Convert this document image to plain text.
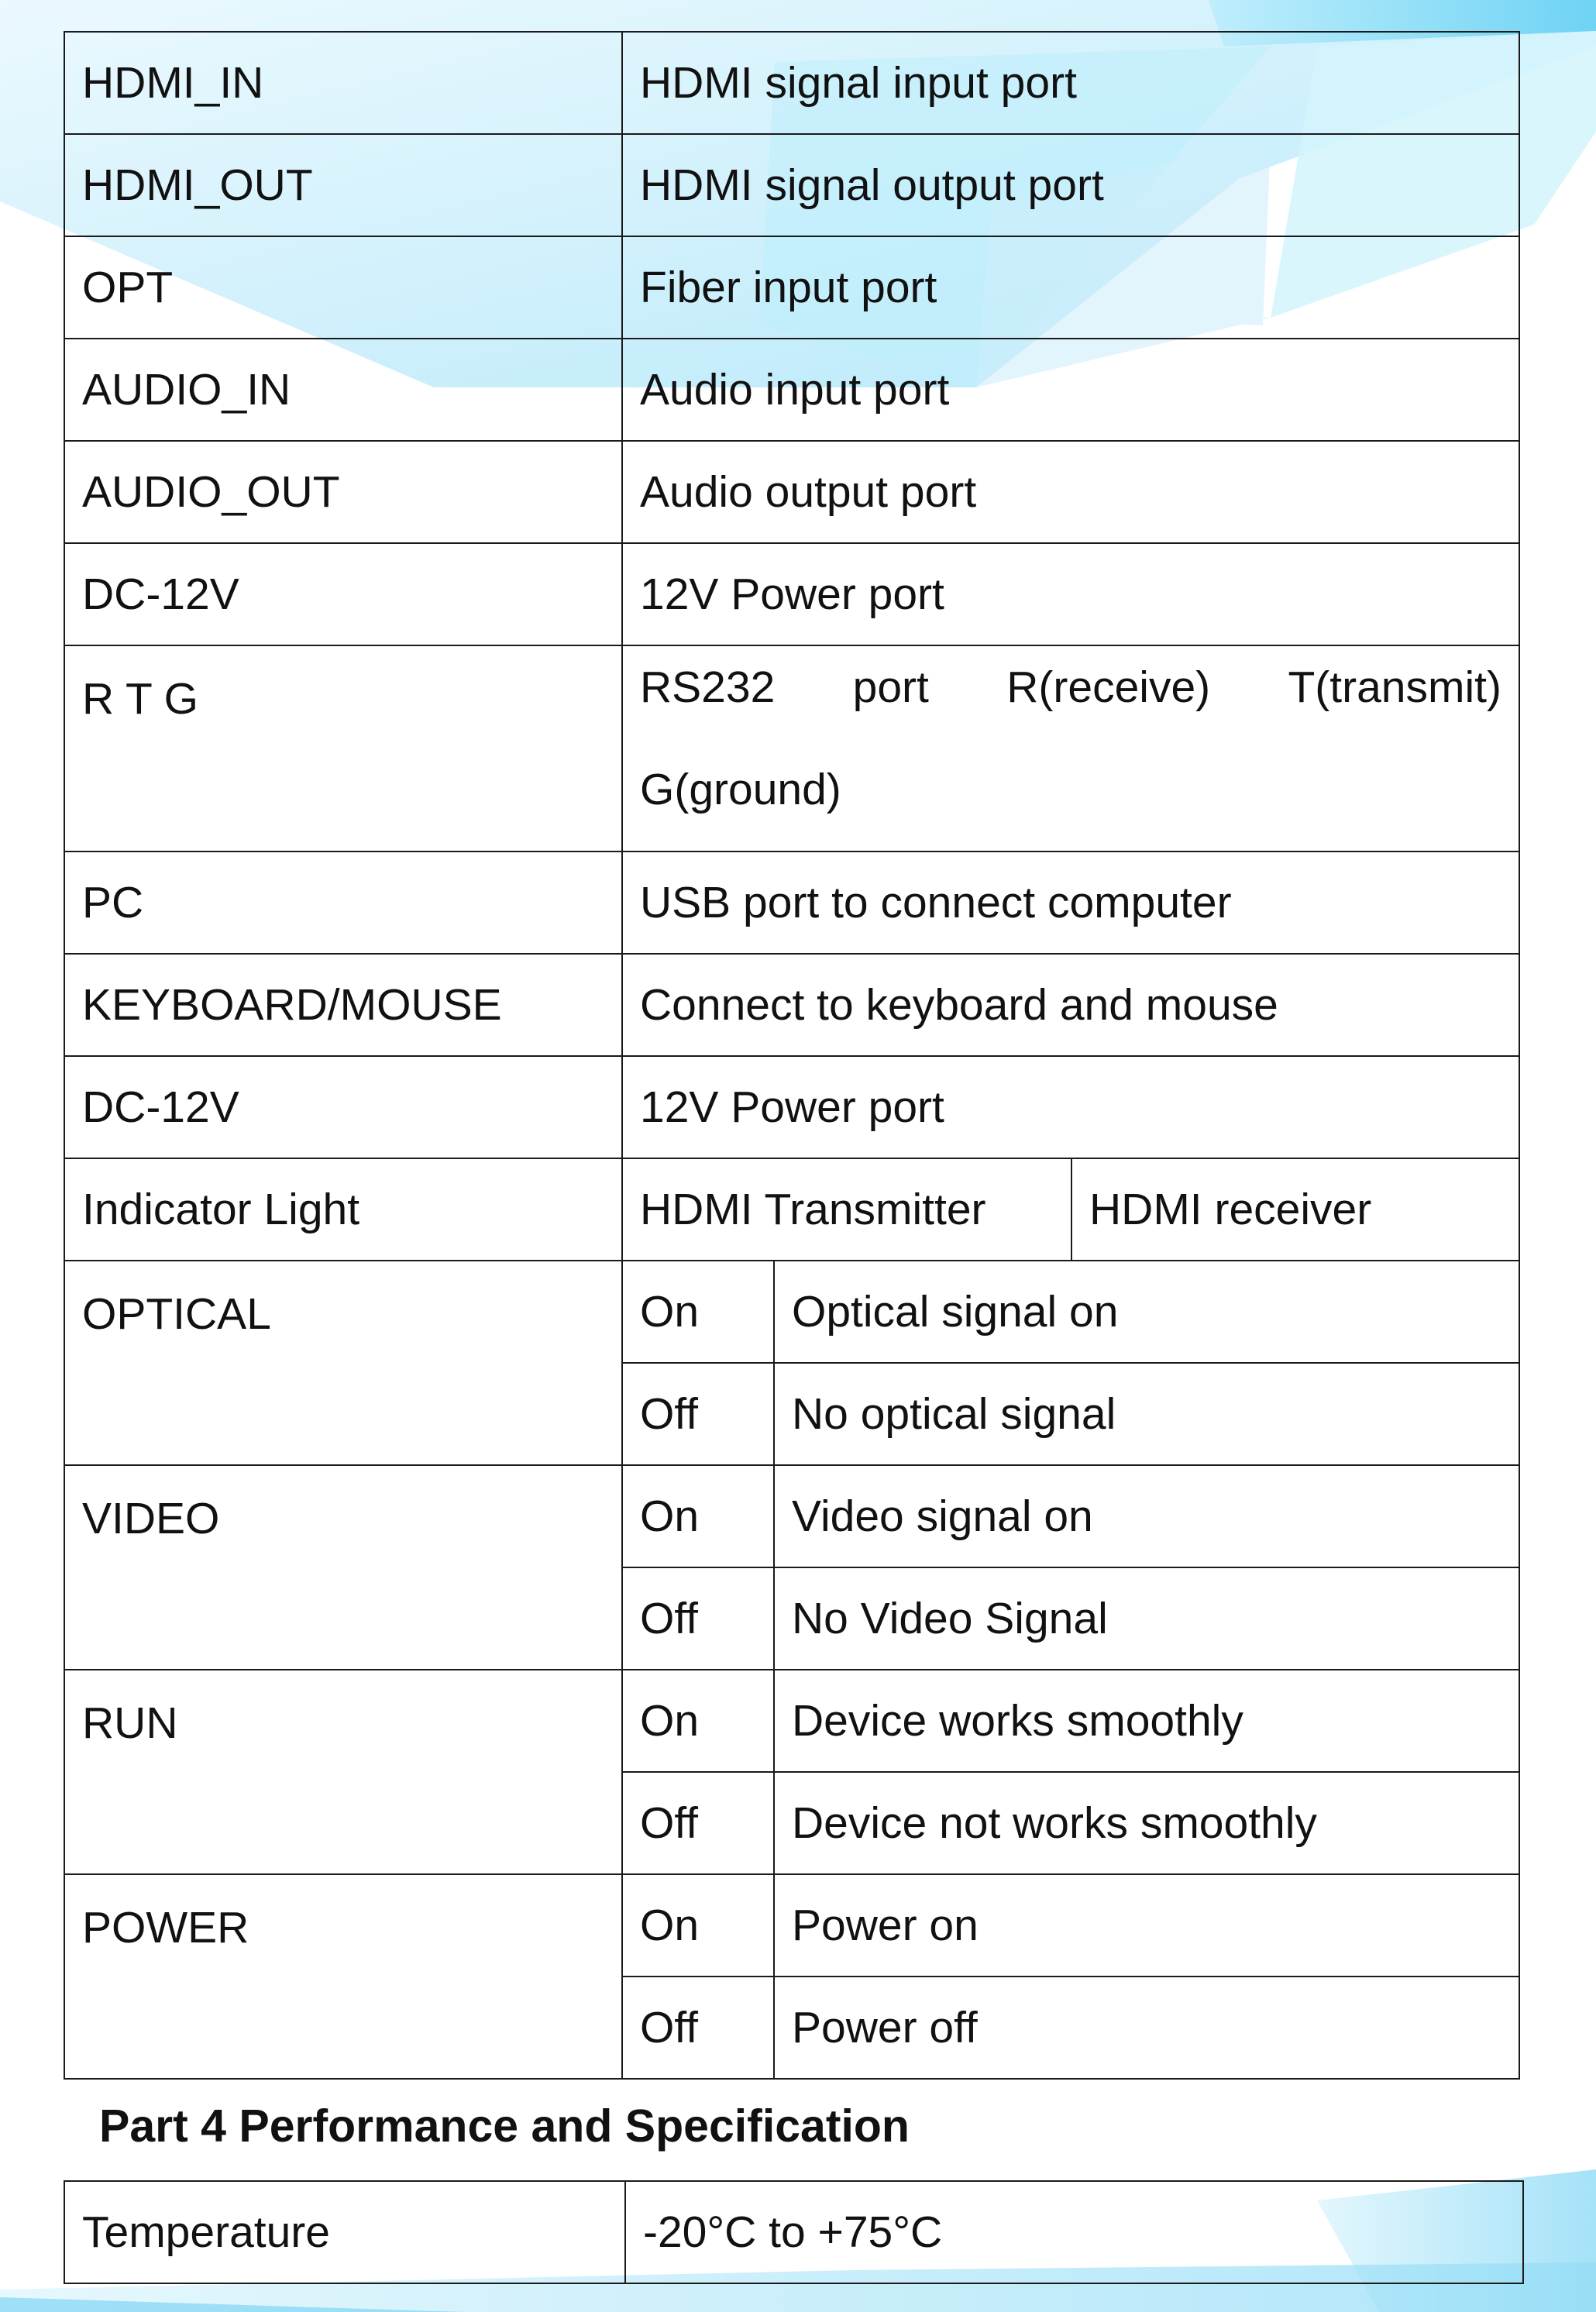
HDMI_IN	HDMI signal input port		
HDMI_OUT	HDMI signal output port		
OPT	Fiber input port		
AUDIO_IN	Audio input port		
AUDIO_OUT	Audio output port		
DC-12V	12V Power port		
R T G	RS232 port R(receive) T(transmit)
G(ground)		

PC	USB port to connect computer		
KEYBOARD/MOUSE	Connect to keyboard and mouse		
DC-12V	12V Power port		
Indicator Light	HDMI Transmitter		HDMI receiver
OPTICAL	On	Optical signal on	
	Off	No optical signal	
VIDEO	On	Video signal on	
	Off	No Video Signal	
RUN	On	Device works smoothly	
	Off	Device not works smoothly	
POWER	On	Power on	
	Off	Power off	
Part 4 Performance and Specification
Temperature	-20°C to +75°C
